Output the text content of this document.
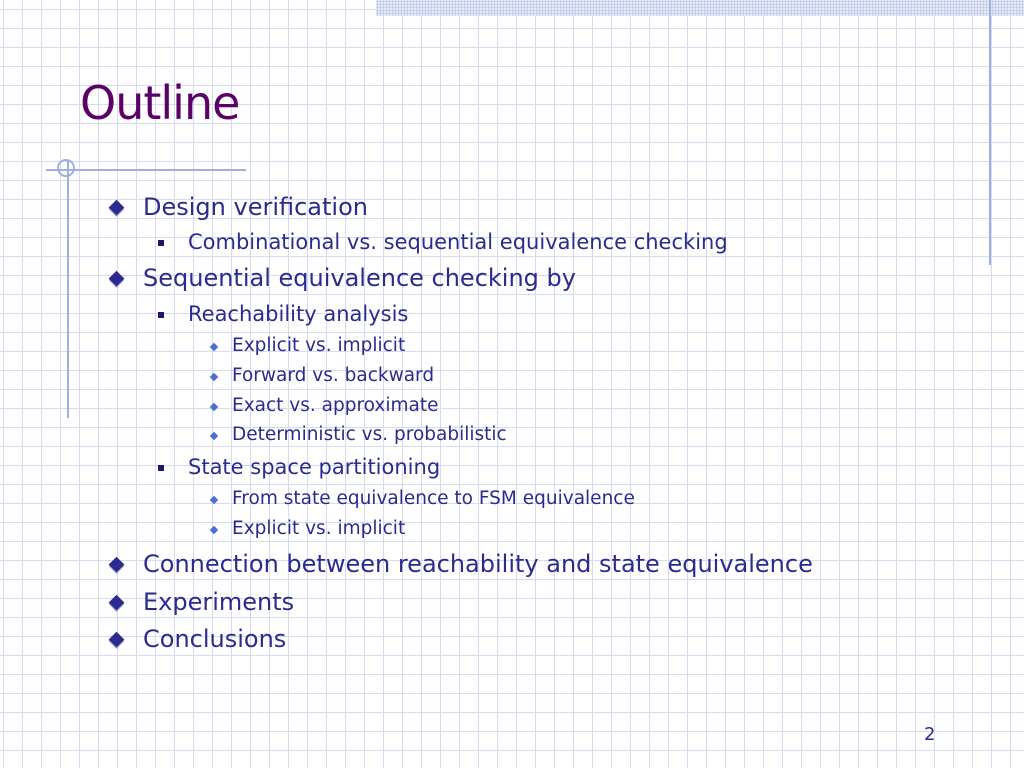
Outline
Design verification
Combinational vs. sequential equivalence checking
Sequential equivalence checking by
Reachability analysis
Explicit vs. implicit
Forward vs. backward
Exact vs. approximate
Deterministic vs. probabilistic
State space partitioning
From state equivalence to FSM equivalence
Explicit vs. implicit
Connection between reachability and state equivalence
Experiments
Conclusions
2
